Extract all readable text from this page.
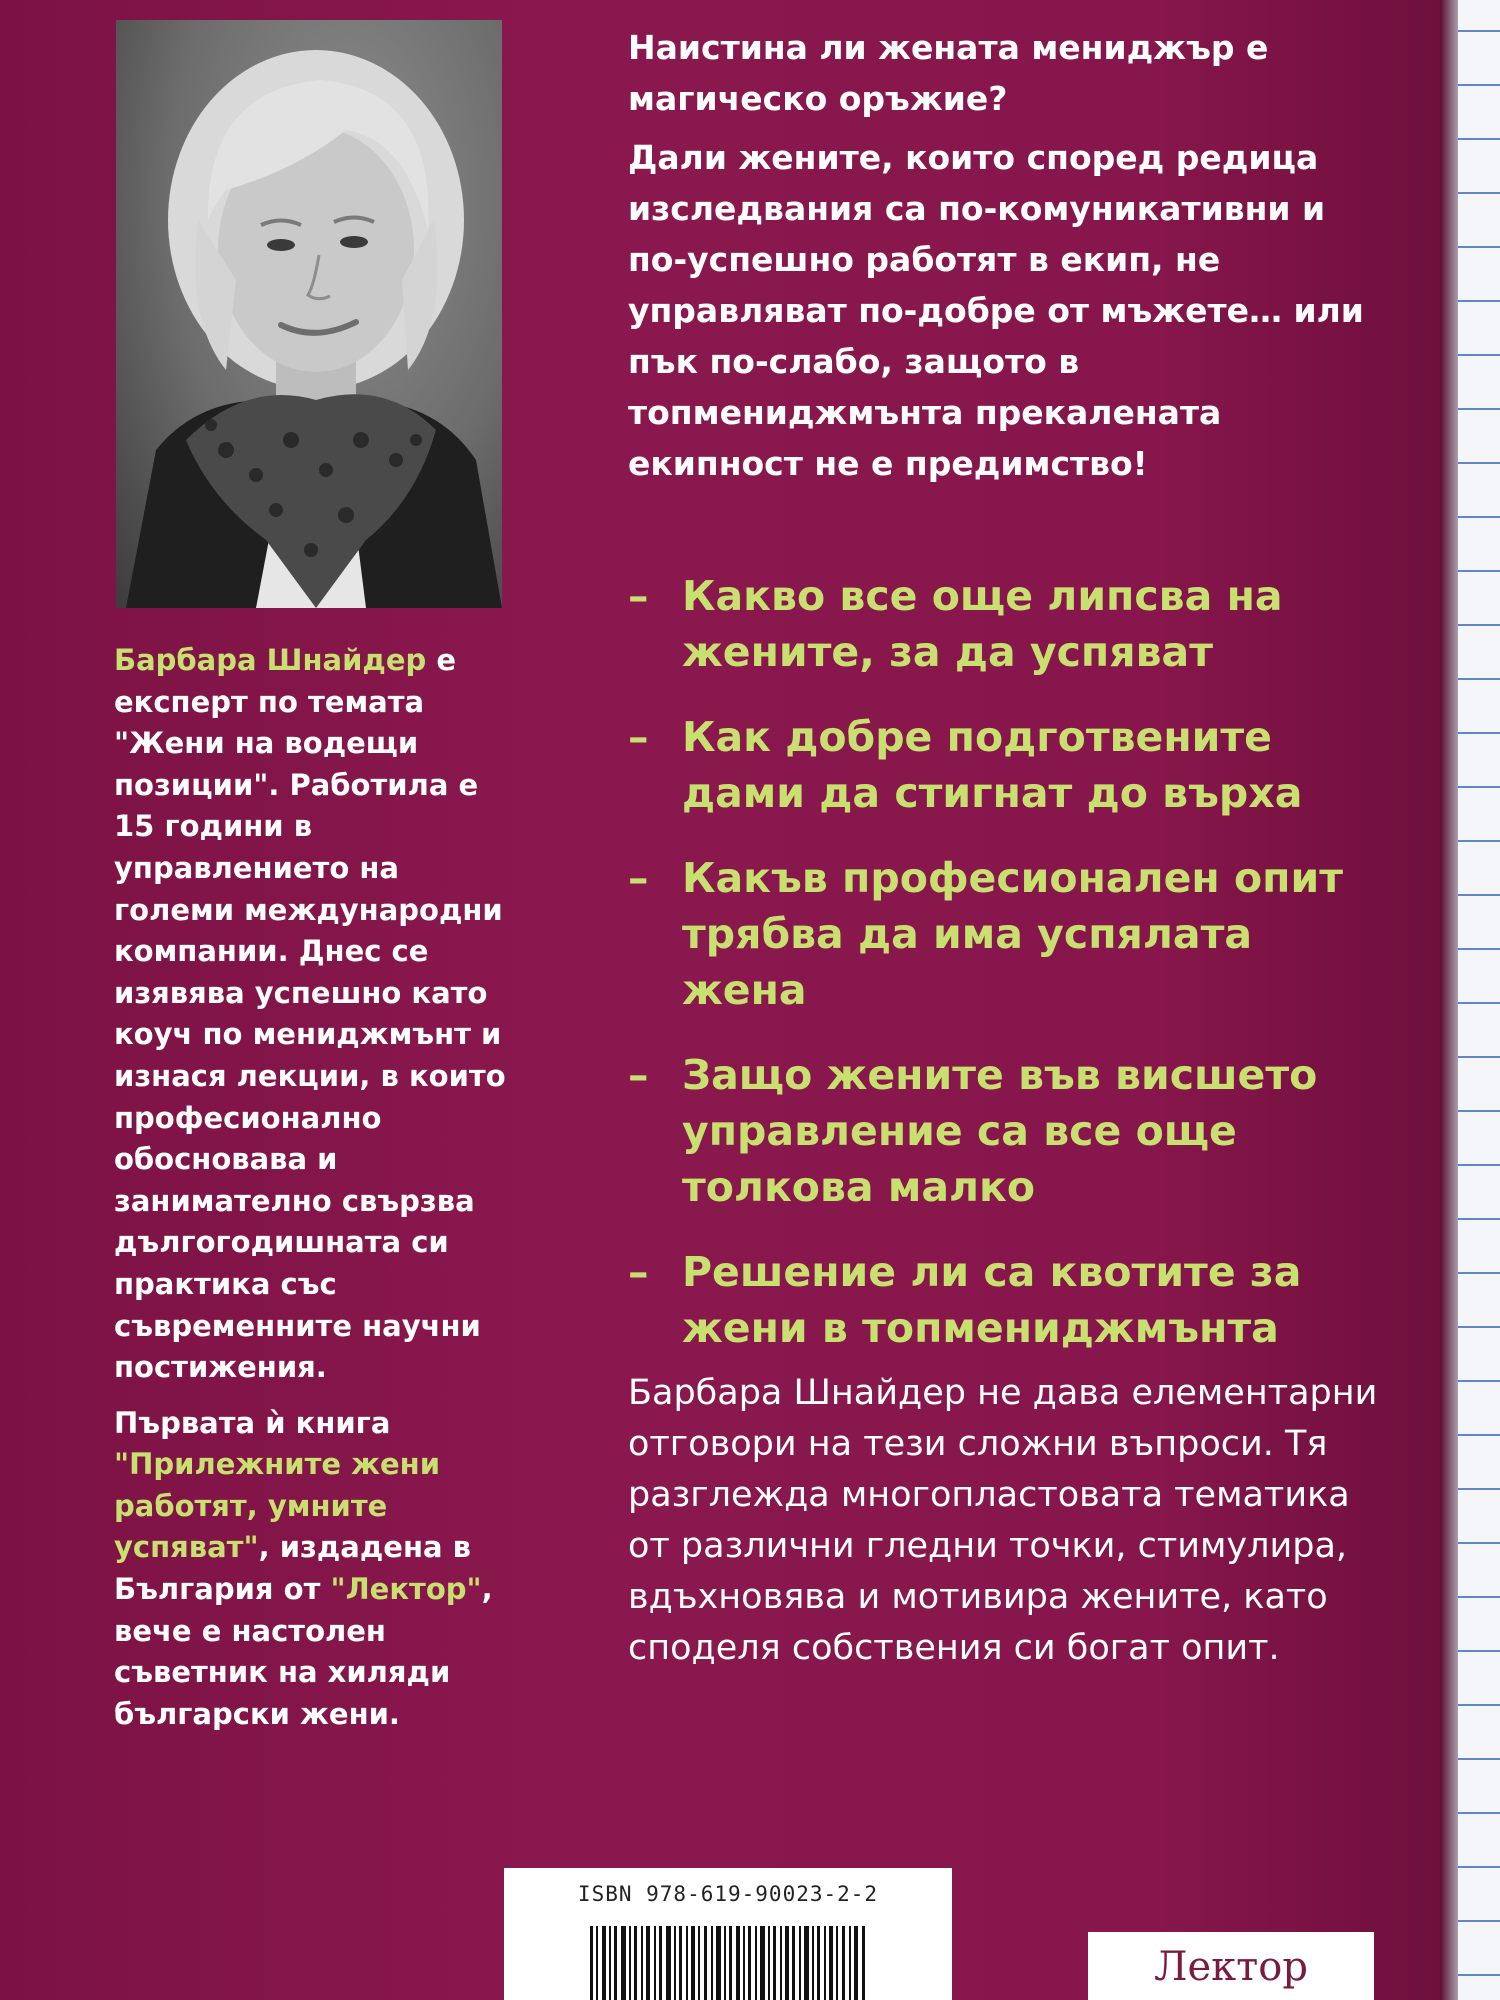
Барбара Шнайдер е експерт по темата "Жени на водещи позиции". Работила е 15 години в управлението на големи международни компании. Днес се изявява успешно като коуч по мениджмънт и изнася лекции, в които професионално обосновава и занимателно свързва дългогодишната си практика със съвременните научни постижения.

Първата ѝ книга "Прилежните жени работят, умните успяват", издадена в България от "Лектор", вече е настолен съветник на хиляди български жени.

Наистина ли жената мениджър е магическо оръжие?

Дали жените, които според редица изследвания са по-комуникативни и по-успешно работят в екип, не управляват по-добре от мъжете… или пък по-слабо, защото в топмениджмънта прекалената екипност не е предимство!

– Какво все още липсва на жените, за да успяват
– Как добре подготвените дами да стигнат до върха
– Какъв професионален опит трябва да има успялата жена
– Защо жените във висшето управление са все още толкова малко
– Решение ли са квотите за жени в топмениджмънта
Барбара Шнайдер не дава елементарни отговори на тези сложни въпроси. Тя разглежда многопластовата тематика от различни гледни точки, стимулира, вдъхновява и мотивира жените, като споделя собствения си богат опит.
ISBN 978-619-90023-2-2
Лектор
